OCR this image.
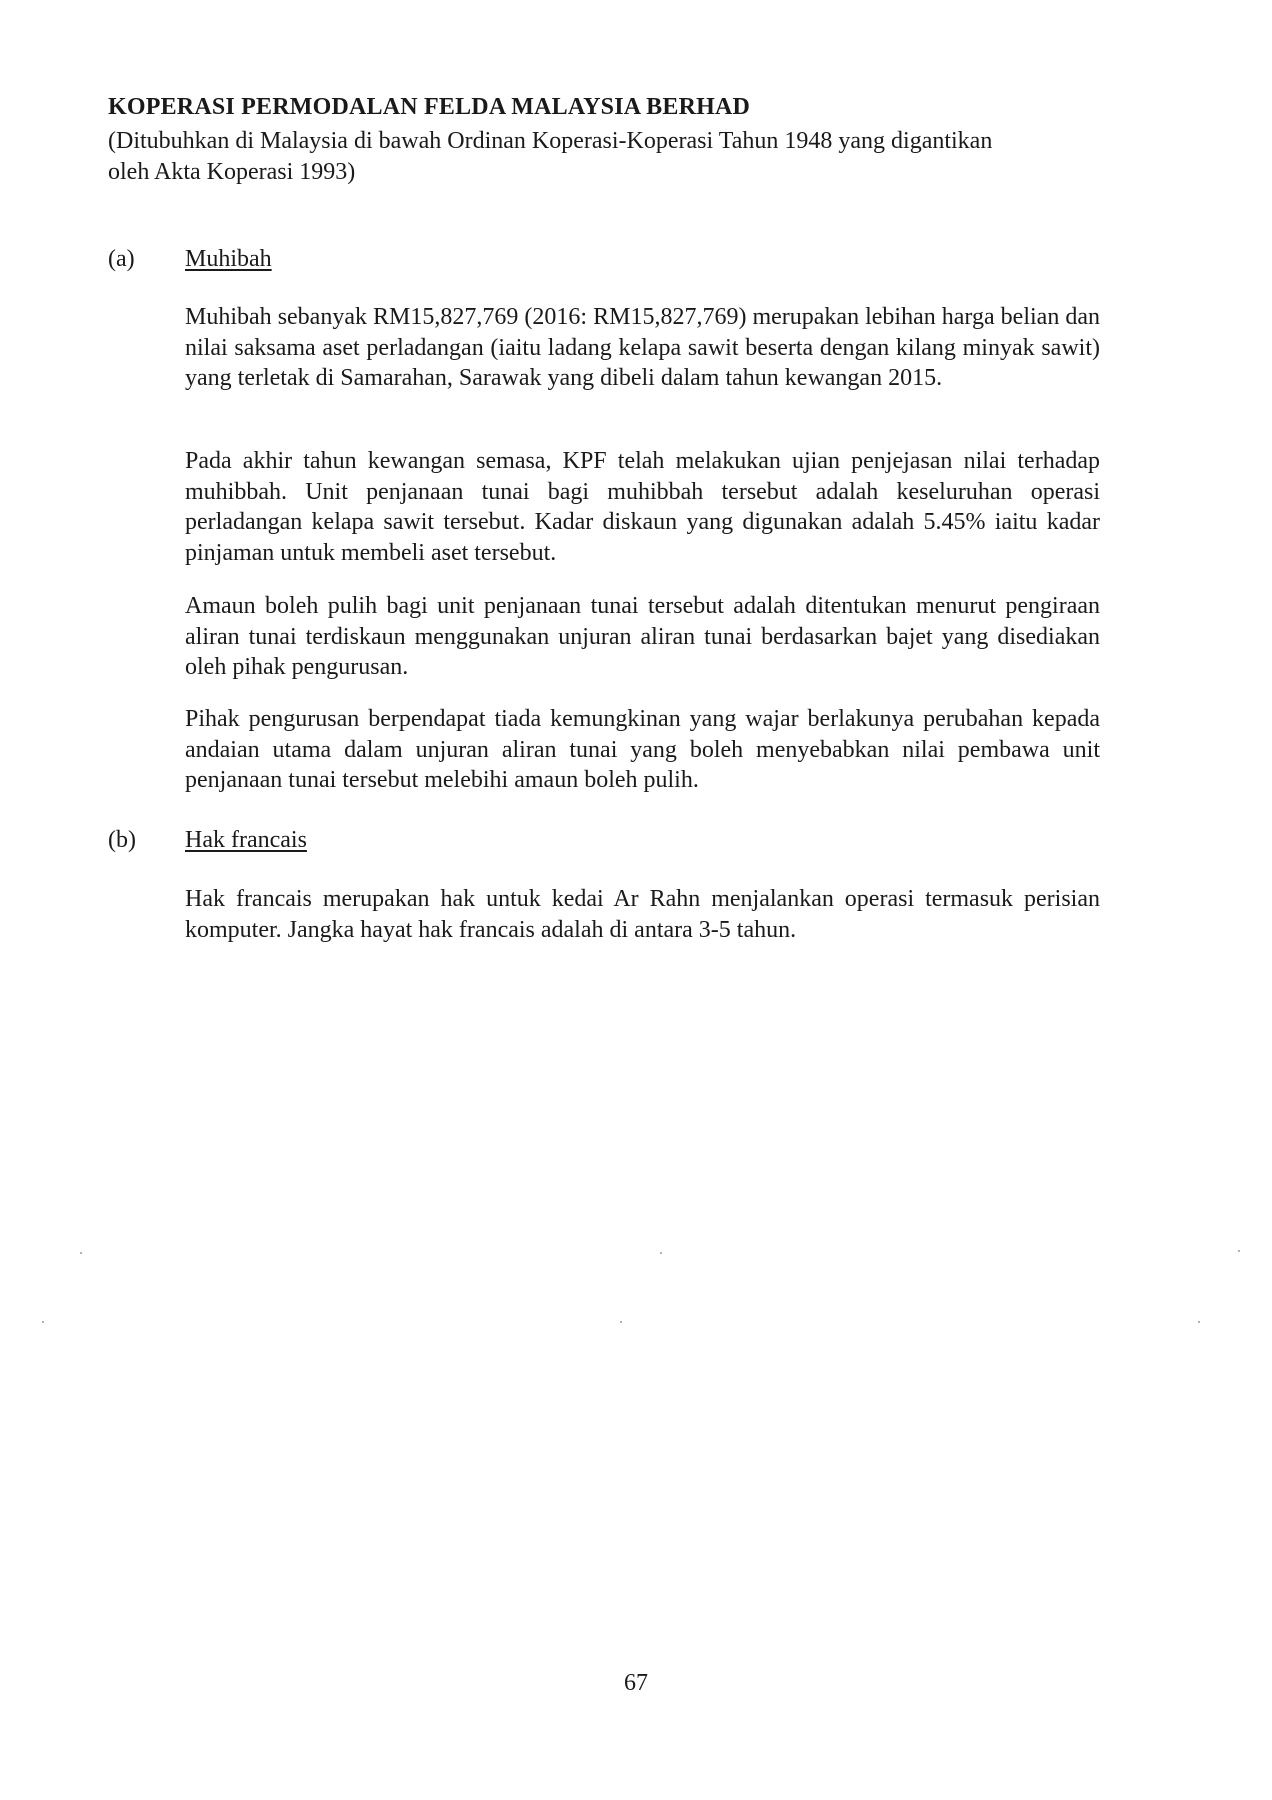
KOPERASI PERMODALAN FELDA MALAYSIA BERHAD
(Ditubuhkan di Malaysia di bawah Ordinan Koperasi-Koperasi Tahun 1948 yang digantikan oleh Akta Koperasi 1993)
(a) Muhibah

Muhibah sebanyak RM15,827,769 (2016: RM15,827,769) merupakan lebihan harga belian dan nilai saksama aset perladangan (iaitu ladang kelapa sawit beserta dengan kilang minyak sawit) yang terletak di Samarahan, Sarawak yang dibeli dalam tahun kewangan 2015.

Pada akhir tahun kewangan semasa, KPF telah melakukan ujian penjejasan nilai terhadap muhibbah. Unit penjanaan tunai bagi muhibbah tersebut adalah keseluruhan operasi perladangan kelapa sawit tersebut. Kadar diskaun yang digunakan adalah 5.45% iaitu kadar pinjaman untuk membeli aset tersebut.

Amaun boleh pulih bagi unit penjanaan tunai tersebut adalah ditentukan menurut pengiraan aliran tunai terdiskaun menggunakan unjuran aliran tunai berdasarkan bajet yang disediakan oleh pihak pengurusan.

Pihak pengurusan berpendapat tiada kemungkinan yang wajar berlakunya perubahan kepada andaian utama dalam unjuran aliran tunai yang boleh menyebabkan nilai pembawa unit penjanaan tunai tersebut melebihi amaun boleh pulih.

(b) Hak francais

Hak francais merupakan hak untuk kedai Ar Rahn menjalankan operasi termasuk perisian komputer. Jangka hayat hak francais adalah di antara 3-5 tahun.

67
